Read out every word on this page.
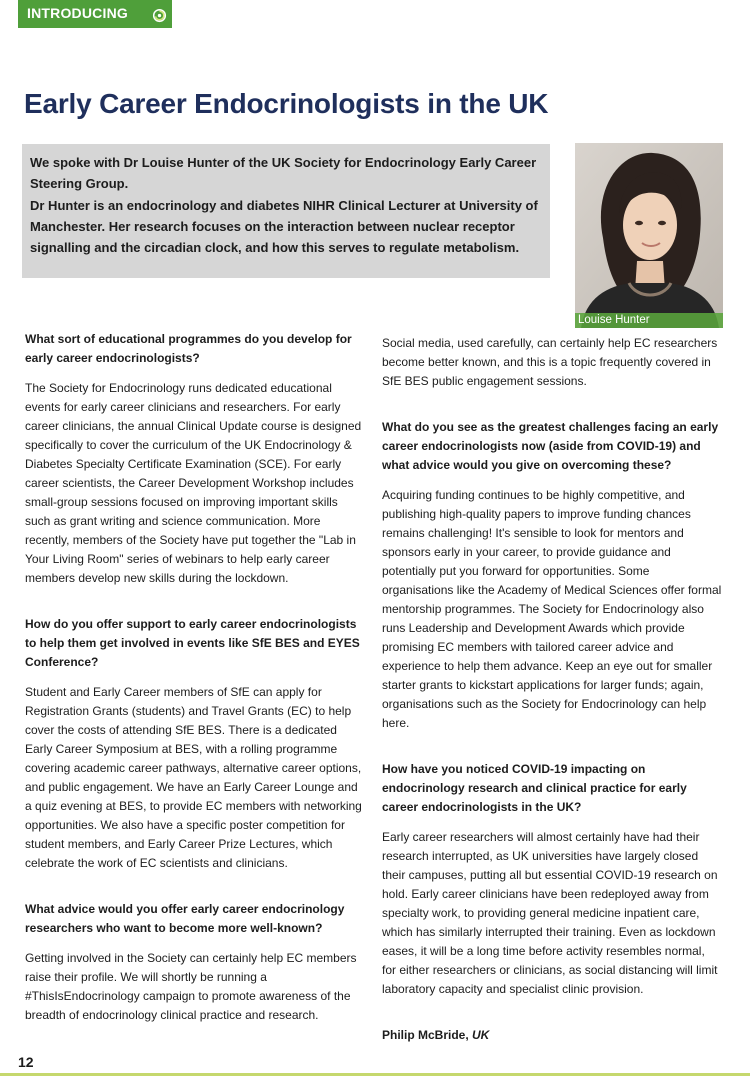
INTRODUCING
Early Career Endocrinologists in the UK

We spoke with Dr Louise Hunter of the UK Society for Endocrinology Early Career Steering Group.

Dr Hunter is an endocrinology and diabetes NIHR Clinical Lecturer at University of Manchester. Her research focuses on the interaction between nuclear receptor signalling and the circadian clock, and how this serves to regulate metabolism.

Louise Hunter
What sort of educational programmes do you develop for early career endocrinologists?

The Society for Endocrinology runs dedicated educational events for early career clinicians and researchers. For early career clinicians, the annual Clinical Update course is designed specifically to cover the curriculum of the UK Endocrinology & Diabetes Specialty Certificate Examination (SCE). For early career scientists, the Career Development Workshop includes small-group sessions focused on improving important skills such as grant writing and science communication. More recently, members of the Society have put together the "Lab in Your Living Room" series of webinars to help early career members develop new skills during the lockdown.

How do you offer support to early career endocrinologists to help them get involved in events like SfE BES and EYES Conference?

Student and Early Career members of SfE can apply for Registration Grants (students) and Travel Grants (EC) to help cover the costs of attending SfE BES. There is a dedicated Early Career Symposium at BES, with a rolling programme covering academic career pathways, alternative career options, and public engagement. We have an Early Career Lounge and a quiz evening at BES, to provide EC members with networking opportunities. We also have a specific poster competition for student members, and Early Career Prize Lectures, which celebrate the work of EC scientists and clinicians.

What advice would you offer early career endocrinology researchers who want to become more well-known?

Getting involved in the Society can certainly help EC members raise their profile. We will shortly be running a #ThisIsEndocrinology campaign to promote awareness of the breadth of endocrinology clinical practice and research.

Social media, used carefully, can certainly help EC researchers become better known, and this is a topic frequently covered in SfE BES public engagement sessions.

What do you see as the greatest challenges facing an early career endocrinologists now (aside from COVID-19) and what advice would you give on overcoming these?

Acquiring funding continues to be highly competitive, and publishing high-quality papers to improve funding chances remains challenging! It's sensible to look for mentors and sponsors early in your career, to provide guidance and potentially put you forward for opportunities. Some organisations like the Academy of Medical Sciences offer formal mentorship programmes. The Society for Endocrinology also runs Leadership and Development Awards which provide promising EC members with tailored career advice and experience to help them advance. Keep an eye out for smaller starter grants to kickstart applications for larger funds; again, organisations such as the Society for Endocrinology can help here.

How have you noticed COVID-19 impacting on endocrinology research and clinical practice for early career endocrinologists in the UK?

Early career researchers will almost certainly have had their research interrupted, as UK universities have largely closed their campuses, putting all but essential COVID-19 research on hold. Early career clinicians have been redeployed away from specialty work, to providing general medicine inpatient care, which has similarly interrupted their training. Even as lockdown eases, it will be a long time before activity resembles normal, for either researchers or clinicians, as social distancing will limit laboratory capacity and specialist clinic provision.

Philip McBride, UK

12
